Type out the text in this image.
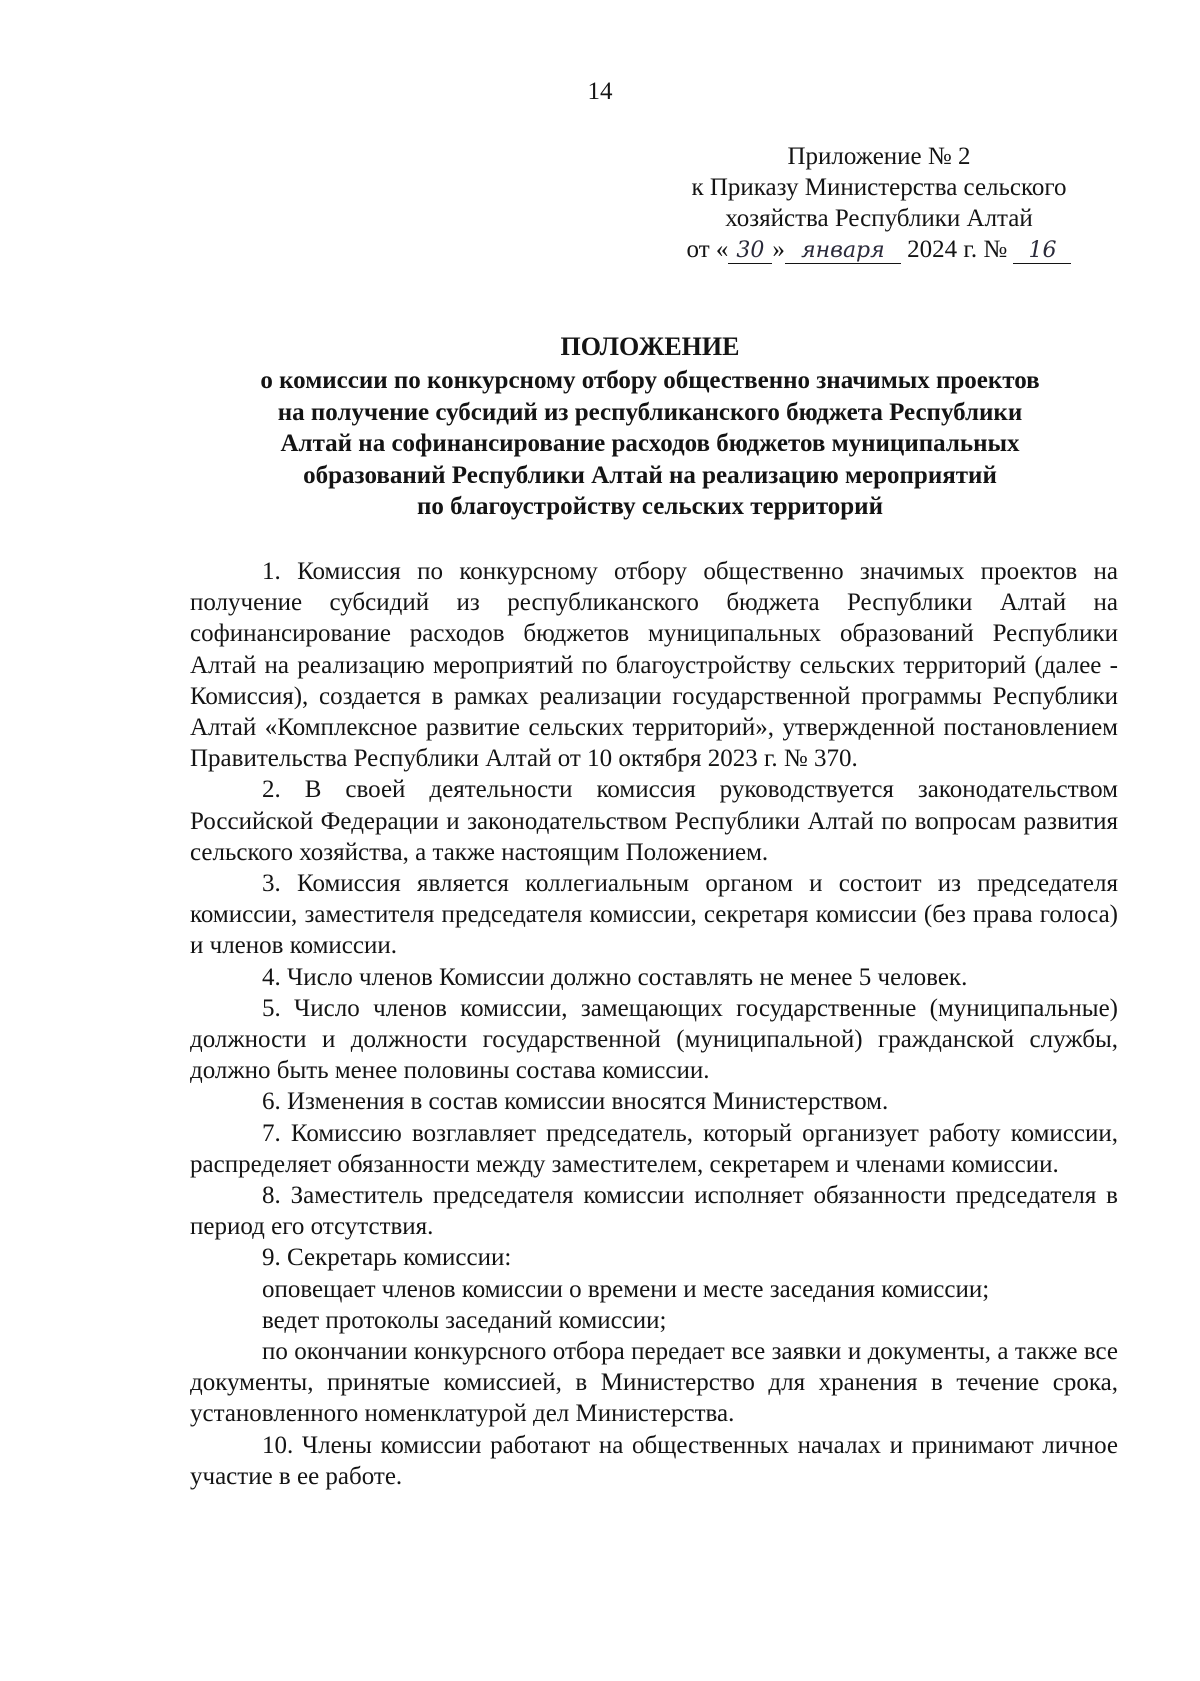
14
Приложение № 2
к Приказу Министерства сельского
хозяйства Республики Алтай
от « 30 » января 2024 г. № 16
ПОЛОЖЕНИЕ
о комиссии по конкурсному отбору общественно значимых проектов
на получение субсидий из республиканского бюджета Республики
Алтай на софинансирование расходов бюджетов муниципальных
образований Республики Алтай на реализацию мероприятий
по благоустройству сельских территорий

1. Комиссия по конкурсному отбору общественно значимых проектов на получение субсидий из республиканского бюджета Республики Алтай на софинансирование расходов бюджетов муниципальных образований Республики Алтай на реализацию мероприятий по благоустройству сельских территорий (далее - Комиссия), создается в рамках реализации государственной программы Республики Алтай «Комплексное развитие сельских территорий», утвержденной постановлением Правительства Республики Алтай от 10 октября 2023 г. № 370.

2. В своей деятельности комиссия руководствуется законодательством Российской Федерации и законодательством Республики Алтай по вопросам развития сельского хозяйства, а также настоящим Положением.

3. Комиссия является коллегиальным органом и состоит из председателя комиссии, заместителя председателя комиссии, секретаря комиссии (без права голоса) и членов комиссии.

4. Число членов Комиссии должно составлять не менее 5 человек.

5. Число членов комиссии, замещающих государственные (муниципальные) должности и должности государственной (муниципальной) гражданской службы, должно быть менее половины состава комиссии.

6. Изменения в состав комиссии вносятся Министерством.

7. Комиссию возглавляет председатель, который организует работу комиссии, распределяет обязанности между заместителем, секретарем и членами комиссии.

8. Заместитель председателя комиссии исполняет обязанности председателя в период его отсутствия.

9. Секретарь комиссии:

оповещает членов комиссии о времени и месте заседания комиссии;

ведет протоколы заседаний комиссии;

по окончании конкурсного отбора передает все заявки и документы, а также все документы, принятые комиссией, в Министерство для хранения в течение срока, установленного номенклатурой дел Министерства.

10. Члены комиссии работают на общественных началах и принимают личное участие в ее работе.
